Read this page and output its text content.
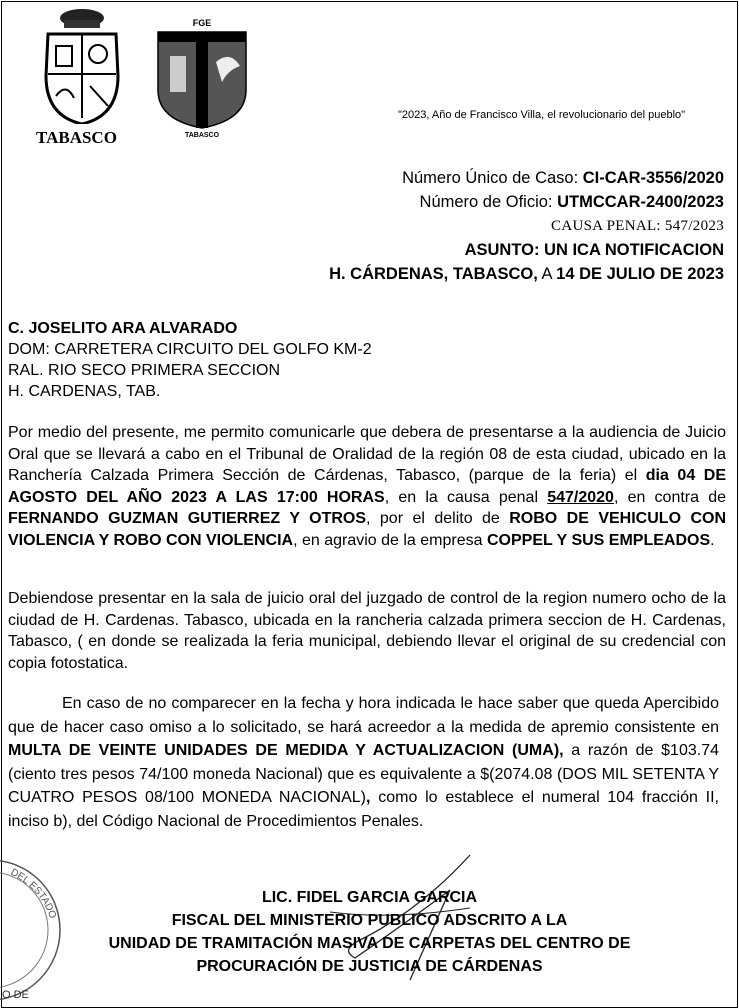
TABASCO
FGE
TABASCO
"2023, Año de Francisco Villa, el revolucionario del pueblo"
Número Único de Caso: CI-CAR-3556/2020
Número de Oficio: UTMCCAR-2400/2023
CAUSA PENAL: 547/2023
ASUNTO: UN ICA NOTIFICACION
H. CÁRDENAS, TABASCO, A 14 DE JULIO DE 2023
C. JOSELITO ARA ALVARADO
DOM: CARRETERA CIRCUITO DEL GOLFO KM-2
RAL. RIO SECO PRIMERA SECCION
H. CARDENAS, TAB.
Por medio del presente, me permito comunicarle que debera de presentarse a la audiencia de Juicio Oral que se llevará a cabo en el Tribunal de Oralidad de la región 08 de esta ciudad, ubicado en la Ranchería Calzada Primera Sección de Cárdenas, Tabasco, (parque de la feria) el dia 04 DE AGOSTO DEL AÑO 2023 A LAS 17:00 HORAS, en la causa penal 547/2020, en contra de FERNANDO GUZMAN GUTIERREZ Y OTROS, por el delito de ROBO DE VEHICULO CON VIOLENCIA Y ROBO CON VIOLENCIA, en agravio de la empresa COPPEL Y SUS EMPLEADOS.
Debiendose presentar en la sala de juicio oral del juzgado de control de la region numero ocho de la ciudad de H. Cardenas. Tabasco, ubicada en la rancheria calzada primera seccion de H. Cardenas, Tabasco, ( en donde se realizada la feria municipal, debiendo llevar el original de su credencial con copia fotostatica.
En caso de no comparecer en la fecha y hora indicada le hace saber que queda Apercibido que de hacer caso omiso a lo solicitado, se hará acreedor a la medida de apremio consistente en MULTA DE VEINTE UNIDADES DE MEDIDA Y ACTUALIZACION (UMA), a razón de $103.74 (ciento tres pesos 74/100 moneda Nacional) que es equivalente a $(2074.08 (DOS MIL SETENTA Y CUATRO PESOS 08/100 MONEDA NACIONAL), como lo establece el numeral 104 fracción II, inciso b), del Código Nacional de Procedimientos Penales.
DEL ESTADO
O DE
LIC. FIDEL GARCIA GARCIA
FISCAL DEL MINISTERIO PUBLICO ADSCRITO A LA
UNIDAD DE TRAMITACIÓN MASIVA DE CARPETAS DEL CENTRO DE
PROCURACIÓN DE JUSTICIA DE CÁRDENAS
